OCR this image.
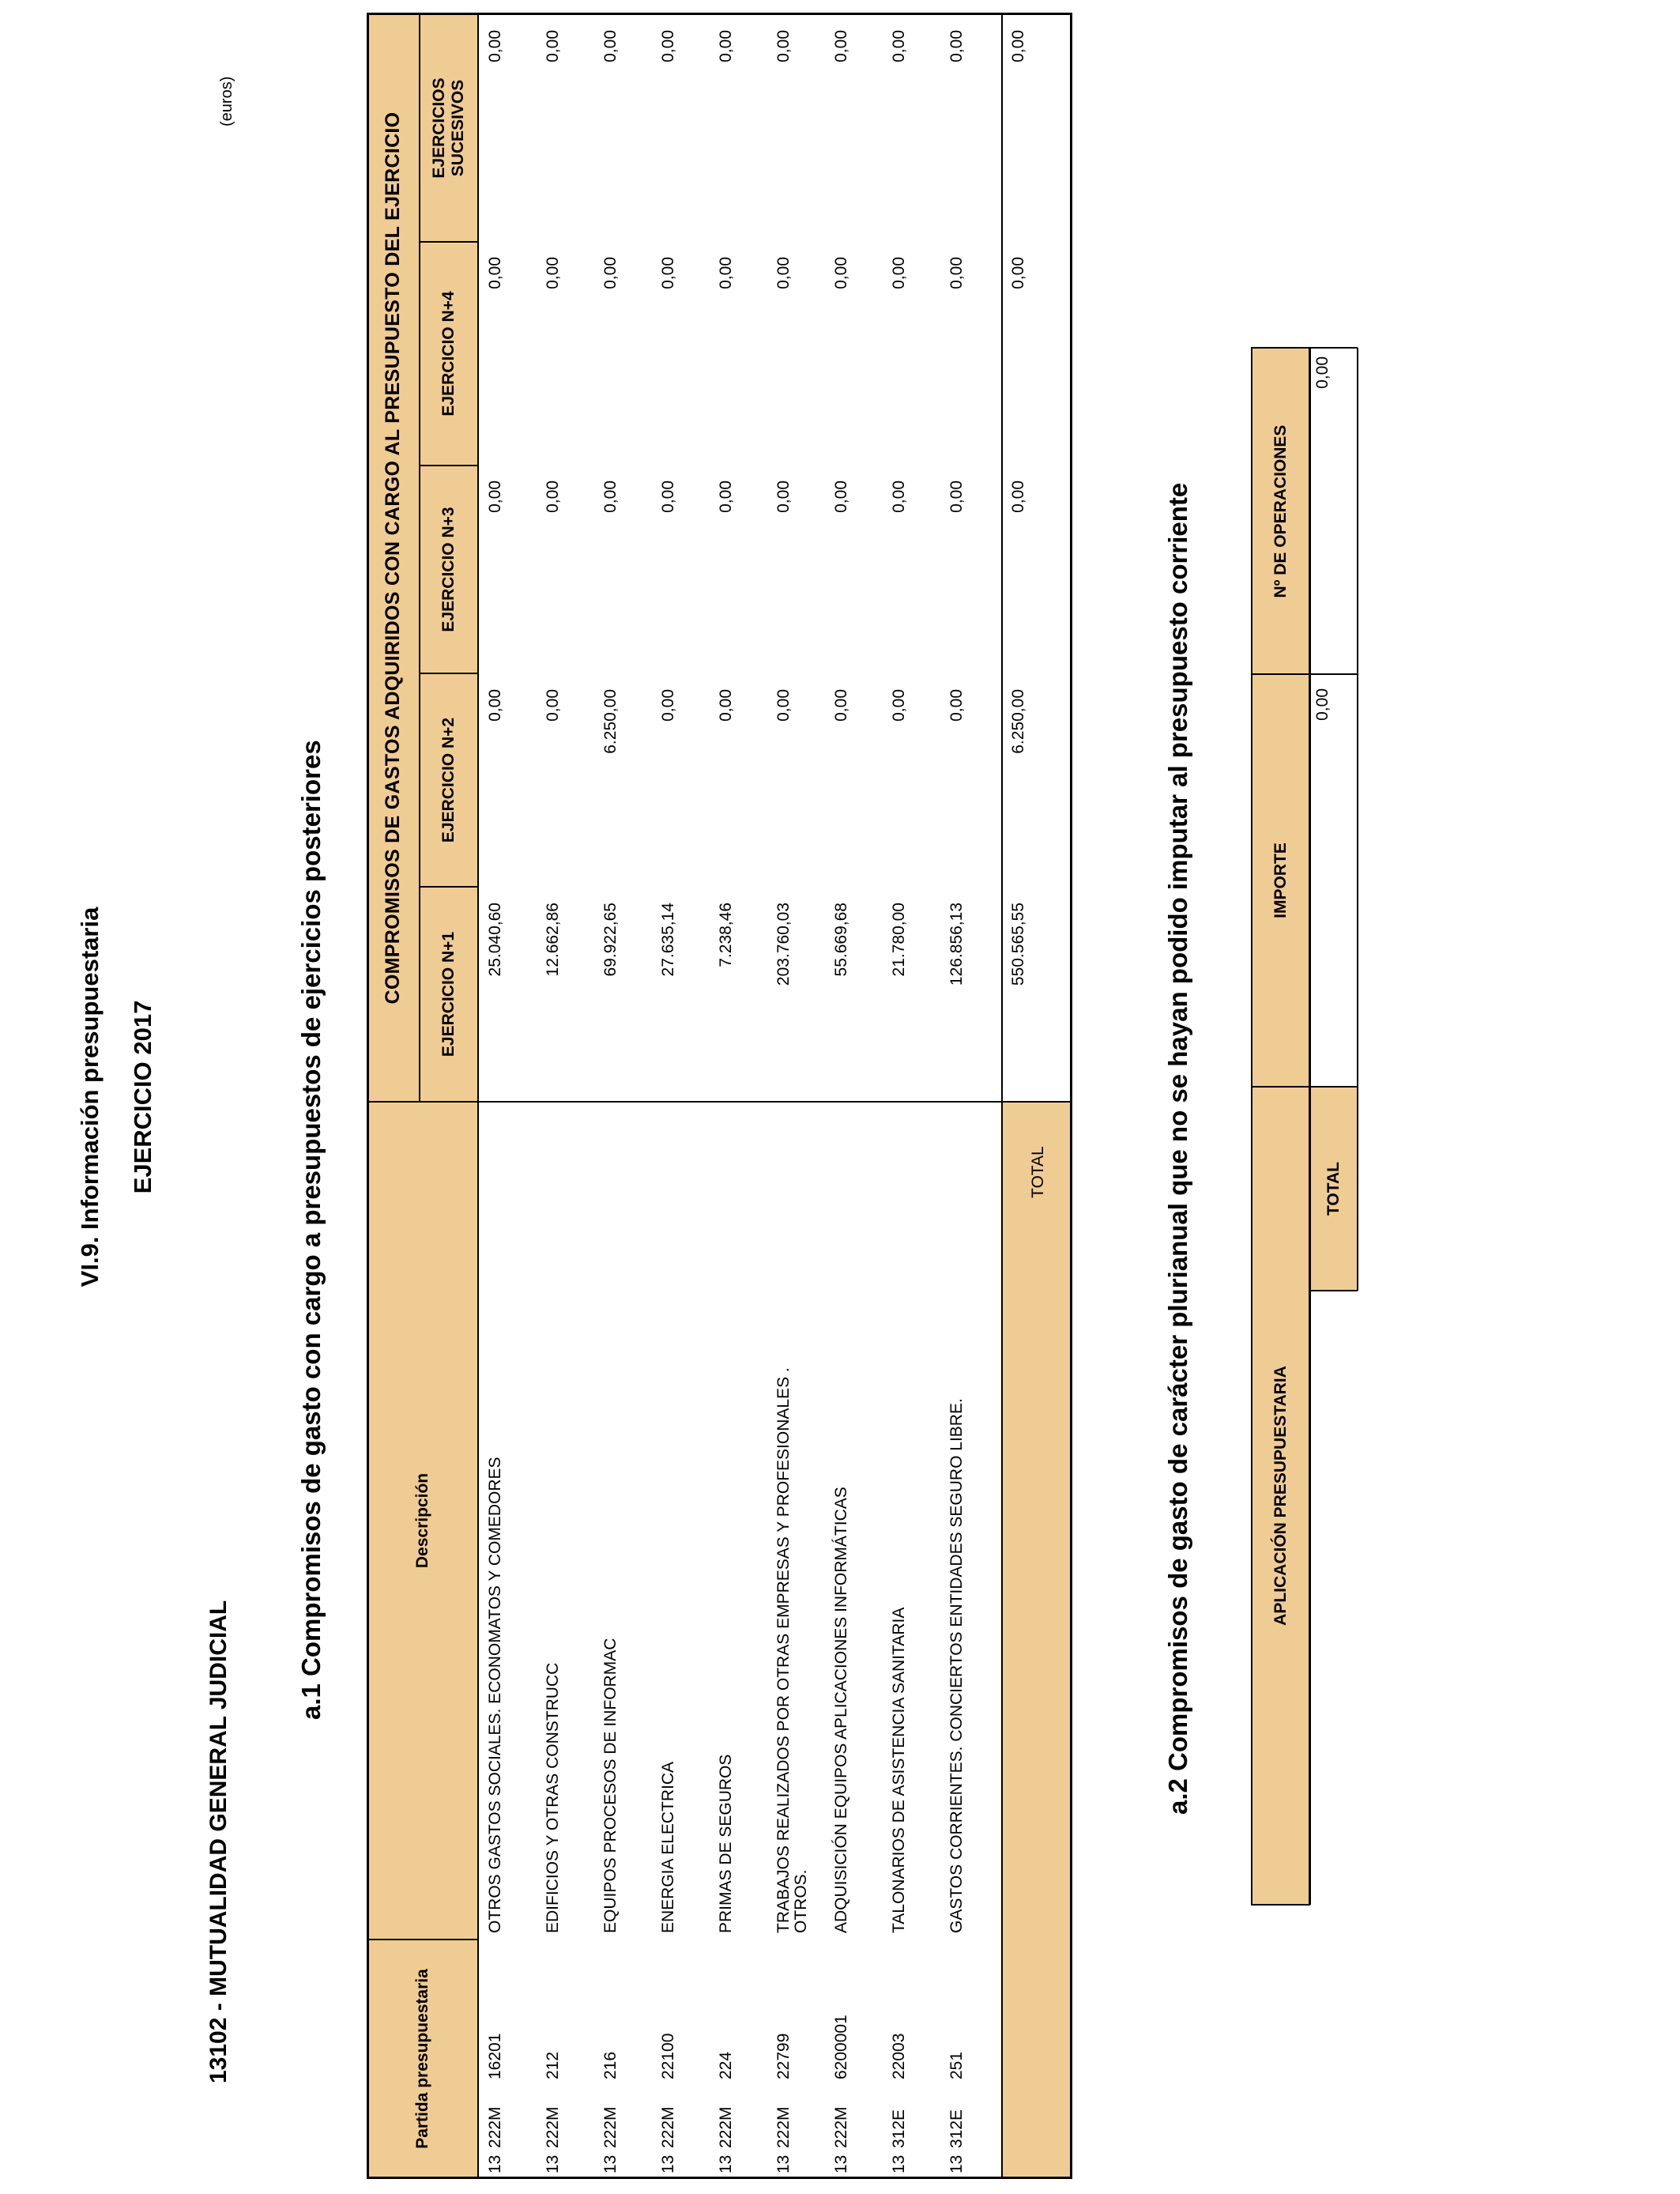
VI.9. Información presupuestaria EJERCICIO 2017
13102 - MUTUALIDAD GENERAL JUDICIAL
(euros)
a.1 Compromisos de gasto con cargo a presupuestos de ejercicios posteriores
Partida presupuestaria
Descripción
COMPROMISOS DE GASTOS ADQUIRIDOS CON CARGO AL PRESUPUESTO DEL EJERCICIO EJERCICIO N+1
EJERCICIO N+2
EJERCICIO N+3
EJERCICIO N+4
EJERCICIOS SUCESIVOS
13
222M
16201
OTROS GASTOS SOCIALES. ECONOMATOS Y COMEDORES
25.040,60
0,00
0,00
0,00
0,00
13
222M
212
EDIFICIOS Y OTRAS CONSTRUCC
12.662,86
0,00
0,00
0,00
0,00
13
222M
216
EQUIPOS PROCESOS DE INFORMAC
69.922,65
6.250,00
0,00
0,00
0,00
13
222M
22100
ENERGIA ELECTRICA
27.635,14
0,00
0,00
0,00
0,00
13
222M
224
PRIMAS DE SEGUROS
7.238,46
0,00
0,00
0,00
0,00
13
222M
22799
TRABAJOS REALIZADOS POR OTRAS EMPRESAS Y PROFESIONALES . OTROS.
203.760,03
0,00
0,00
0,00
0,00
13
222M
6200001
ADQUISICIÓN EQUIPOS APLICACIONES INFORMÁTICAS
55.669,68
0,00
0,00
0,00
0,00
13
312E
22003
TALONARIOS DE ASISTENCIA SANITARIA
21.780,00
0,00
0,00
0,00
0,00
13
312E
251
GASTOS CORRIENTES. CONCIERTOS ENTIDADES SEGURO LIBRE.
126.856,13
0,00
0,00
0,00
0,00
TOTAL
550.565,55
6.250,00
0,00
0,00
0,00
a.2 Compromisos de gasto de carácter plurianual que no se hayan podido imputar al presupuesto corriente	APLICACIÓN PRESUPUESTARIA
IMPORTE
Nº DE OPERACIONES
TOTAL
0,00
0,00
